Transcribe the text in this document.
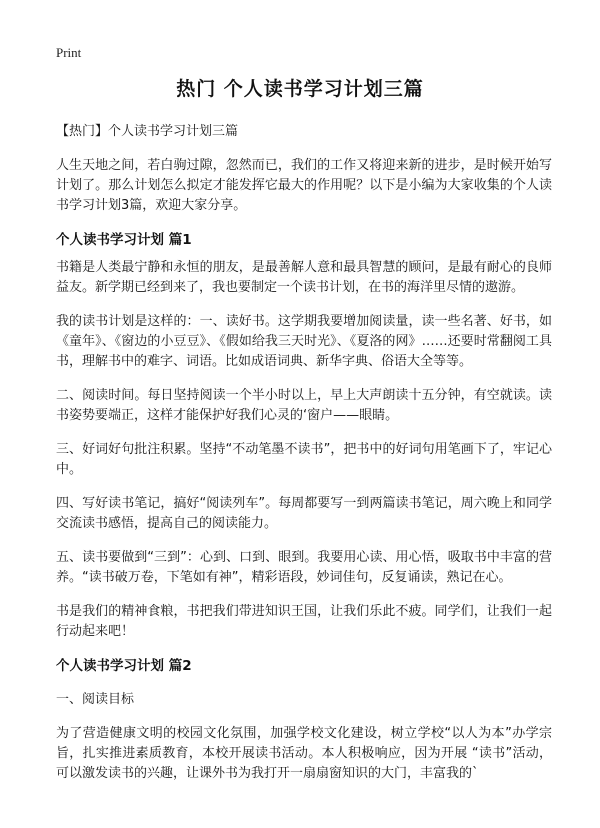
Print
热门 个人读书学习计划三篇

【热门】个人读书学习计划三篇

人生天地之间，若白驹过隙，忽然而已，我们的工作又将迎来新的进步，是时候开始写计划了。那么计划怎么拟定才能发挥它最大的作用呢？以下是小编为大家收集的个人读书学习计划3篇，欢迎大家分享。

个人读书学习计划 篇1

书籍是人类最宁静和永恒的朋友，是最善解人意和最具智慧的顾问，是最有耐心的良师益友。新学期已经到来了，我也要制定一个读书计划，在书的海洋里尽情的遨游。

我的读书计划是这样的：一、读好书。这学期我要增加阅读量，读一些名著、好书，如《童年》、《窗边的小豆豆》、《假如给我三天时光》、《夏洛的网》……还要时常翻阅工具书，理解书中的难字、词语。比如成语词典、新华字典、俗语大全等等。

二、阅读时间。每日坚持阅读一个半小时以上，早上大声朗读十五分钟，有空就读。读书姿势要端正，这样才能保护好我们心灵的‘窗户——眼睛。

三、好词好句批注积累。坚持“不动笔墨不读书”，把书中的好词句用笔画下了，牢记心中。

四、写好读书笔记，搞好“阅读列车”。每周都要写一到两篇读书笔记，周六晚上和同学交流读书感悟，提高自己的阅读能力。

五、读书要做到“三到”：心到、口到、眼到。我要用心读、用心悟，吸取书中丰富的营养。“读书破万卷，下笔如有神”，精彩语段，妙词佳句，反复诵读，熟记在心。

书是我们的精神食粮，书把我们带进知识王国，让我们乐此不疲。同学们，让我们一起行动起来吧！

个人读书学习计划 篇2

一、阅读目标

为了营造健康文明的校园文化氛围，加强学校文化建设，树立学校“以人为本”办学宗旨，扎实推进素质教育，本校开展读书活动。本人积极响应，因为开展 “读书”活动，可以激发读书的兴趣，让课外书为我打开一扇扇窗知识的大门，丰富我的`
